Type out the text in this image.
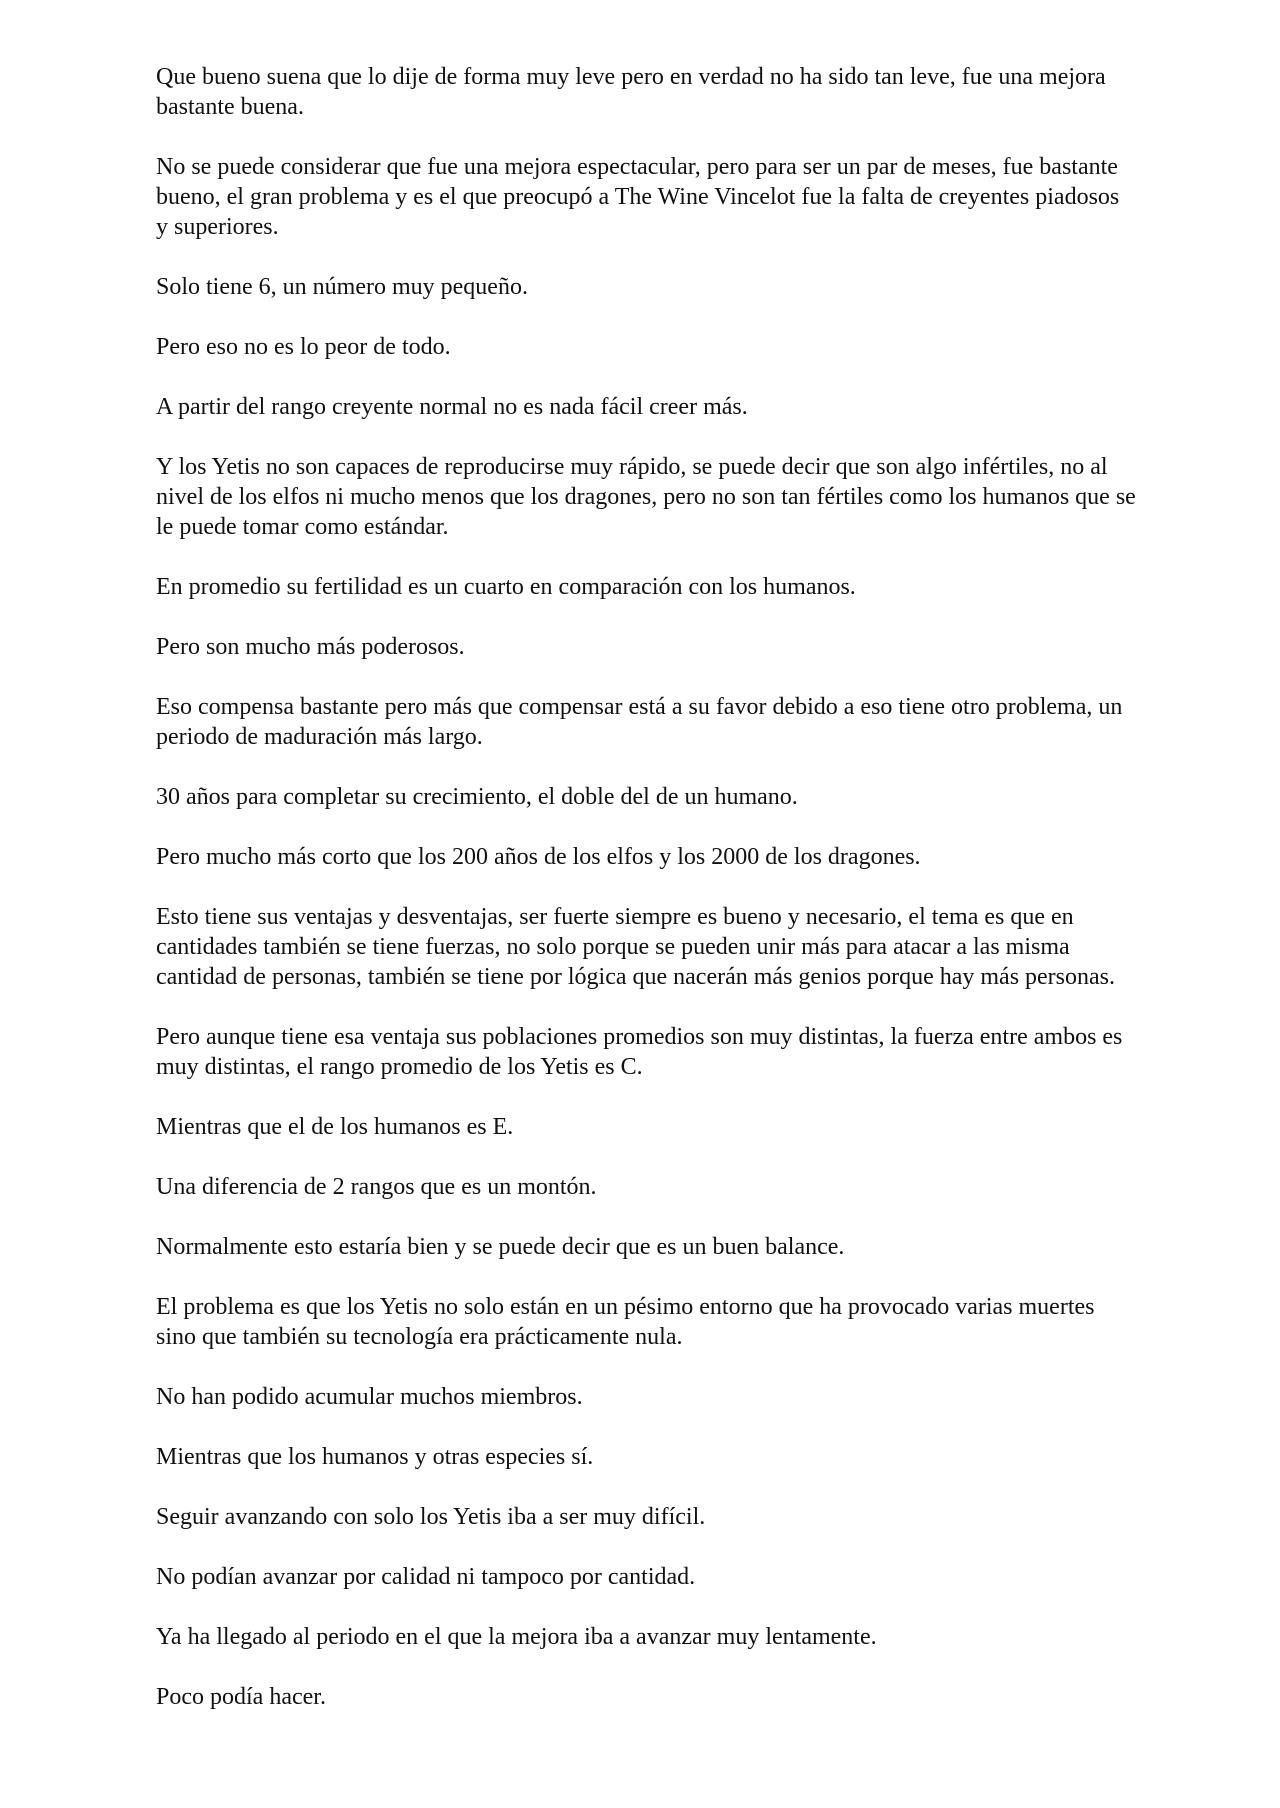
Que bueno suena que lo dije de forma muy leve pero en verdad no ha sido tan leve, fue una mejora bastante buena.

No se puede considerar que fue una mejora espectacular, pero para ser un par de meses, fue bastante bueno, el gran problema y es el que preocupó a The Wine Vincelot fue la falta de creyentes piadosos y superiores.

Solo tiene 6, un número muy pequeño.

Pero eso no es lo peor de todo.

A partir del rango creyente normal no es nada fácil creer más.

Y los Yetis no son capaces de reproducirse muy rápido, se puede decir que son algo infértiles, no al nivel de los elfos ni mucho menos que los dragones, pero no son tan fértiles como los humanos que se le puede tomar como estándar.

En promedio su fertilidad es un cuarto en comparación con los humanos.

Pero son mucho más poderosos.

Eso compensa bastante pero más que compensar está a su favor debido a eso tiene otro problema, un periodo de maduración más largo.

30 años para completar su crecimiento, el doble del de un humano.

Pero mucho más corto que los 200 años de los elfos y los 2000 de los dragones.

Esto tiene sus ventajas y desventajas, ser fuerte siempre es bueno y necesario, el tema es que en cantidades también se tiene fuerzas, no solo porque se pueden unir más para atacar a las misma cantidad de personas, también se tiene por lógica que nacerán más genios porque hay más personas.

Pero aunque tiene esa ventaja sus poblaciones promedios son muy distintas, la fuerza entre ambos es muy distintas, el rango promedio de los Yetis es C.

Mientras que el de los humanos es E.

Una diferencia de 2 rangos que es un montón.

Normalmente esto estaría bien y se puede decir que es un buen balance.

El problema es que los Yetis no solo están en un pésimo entorno que ha provocado varias muertes sino que también su tecnología era prácticamente nula.

No han podido acumular muchos miembros.

Mientras que los humanos y otras especies sí.

Seguir avanzando con solo los Yetis iba a ser muy difícil.

No podían avanzar por calidad ni tampoco por cantidad.

Ya ha llegado al periodo en el que la mejora iba a avanzar muy lentamente.

Poco podía hacer.
